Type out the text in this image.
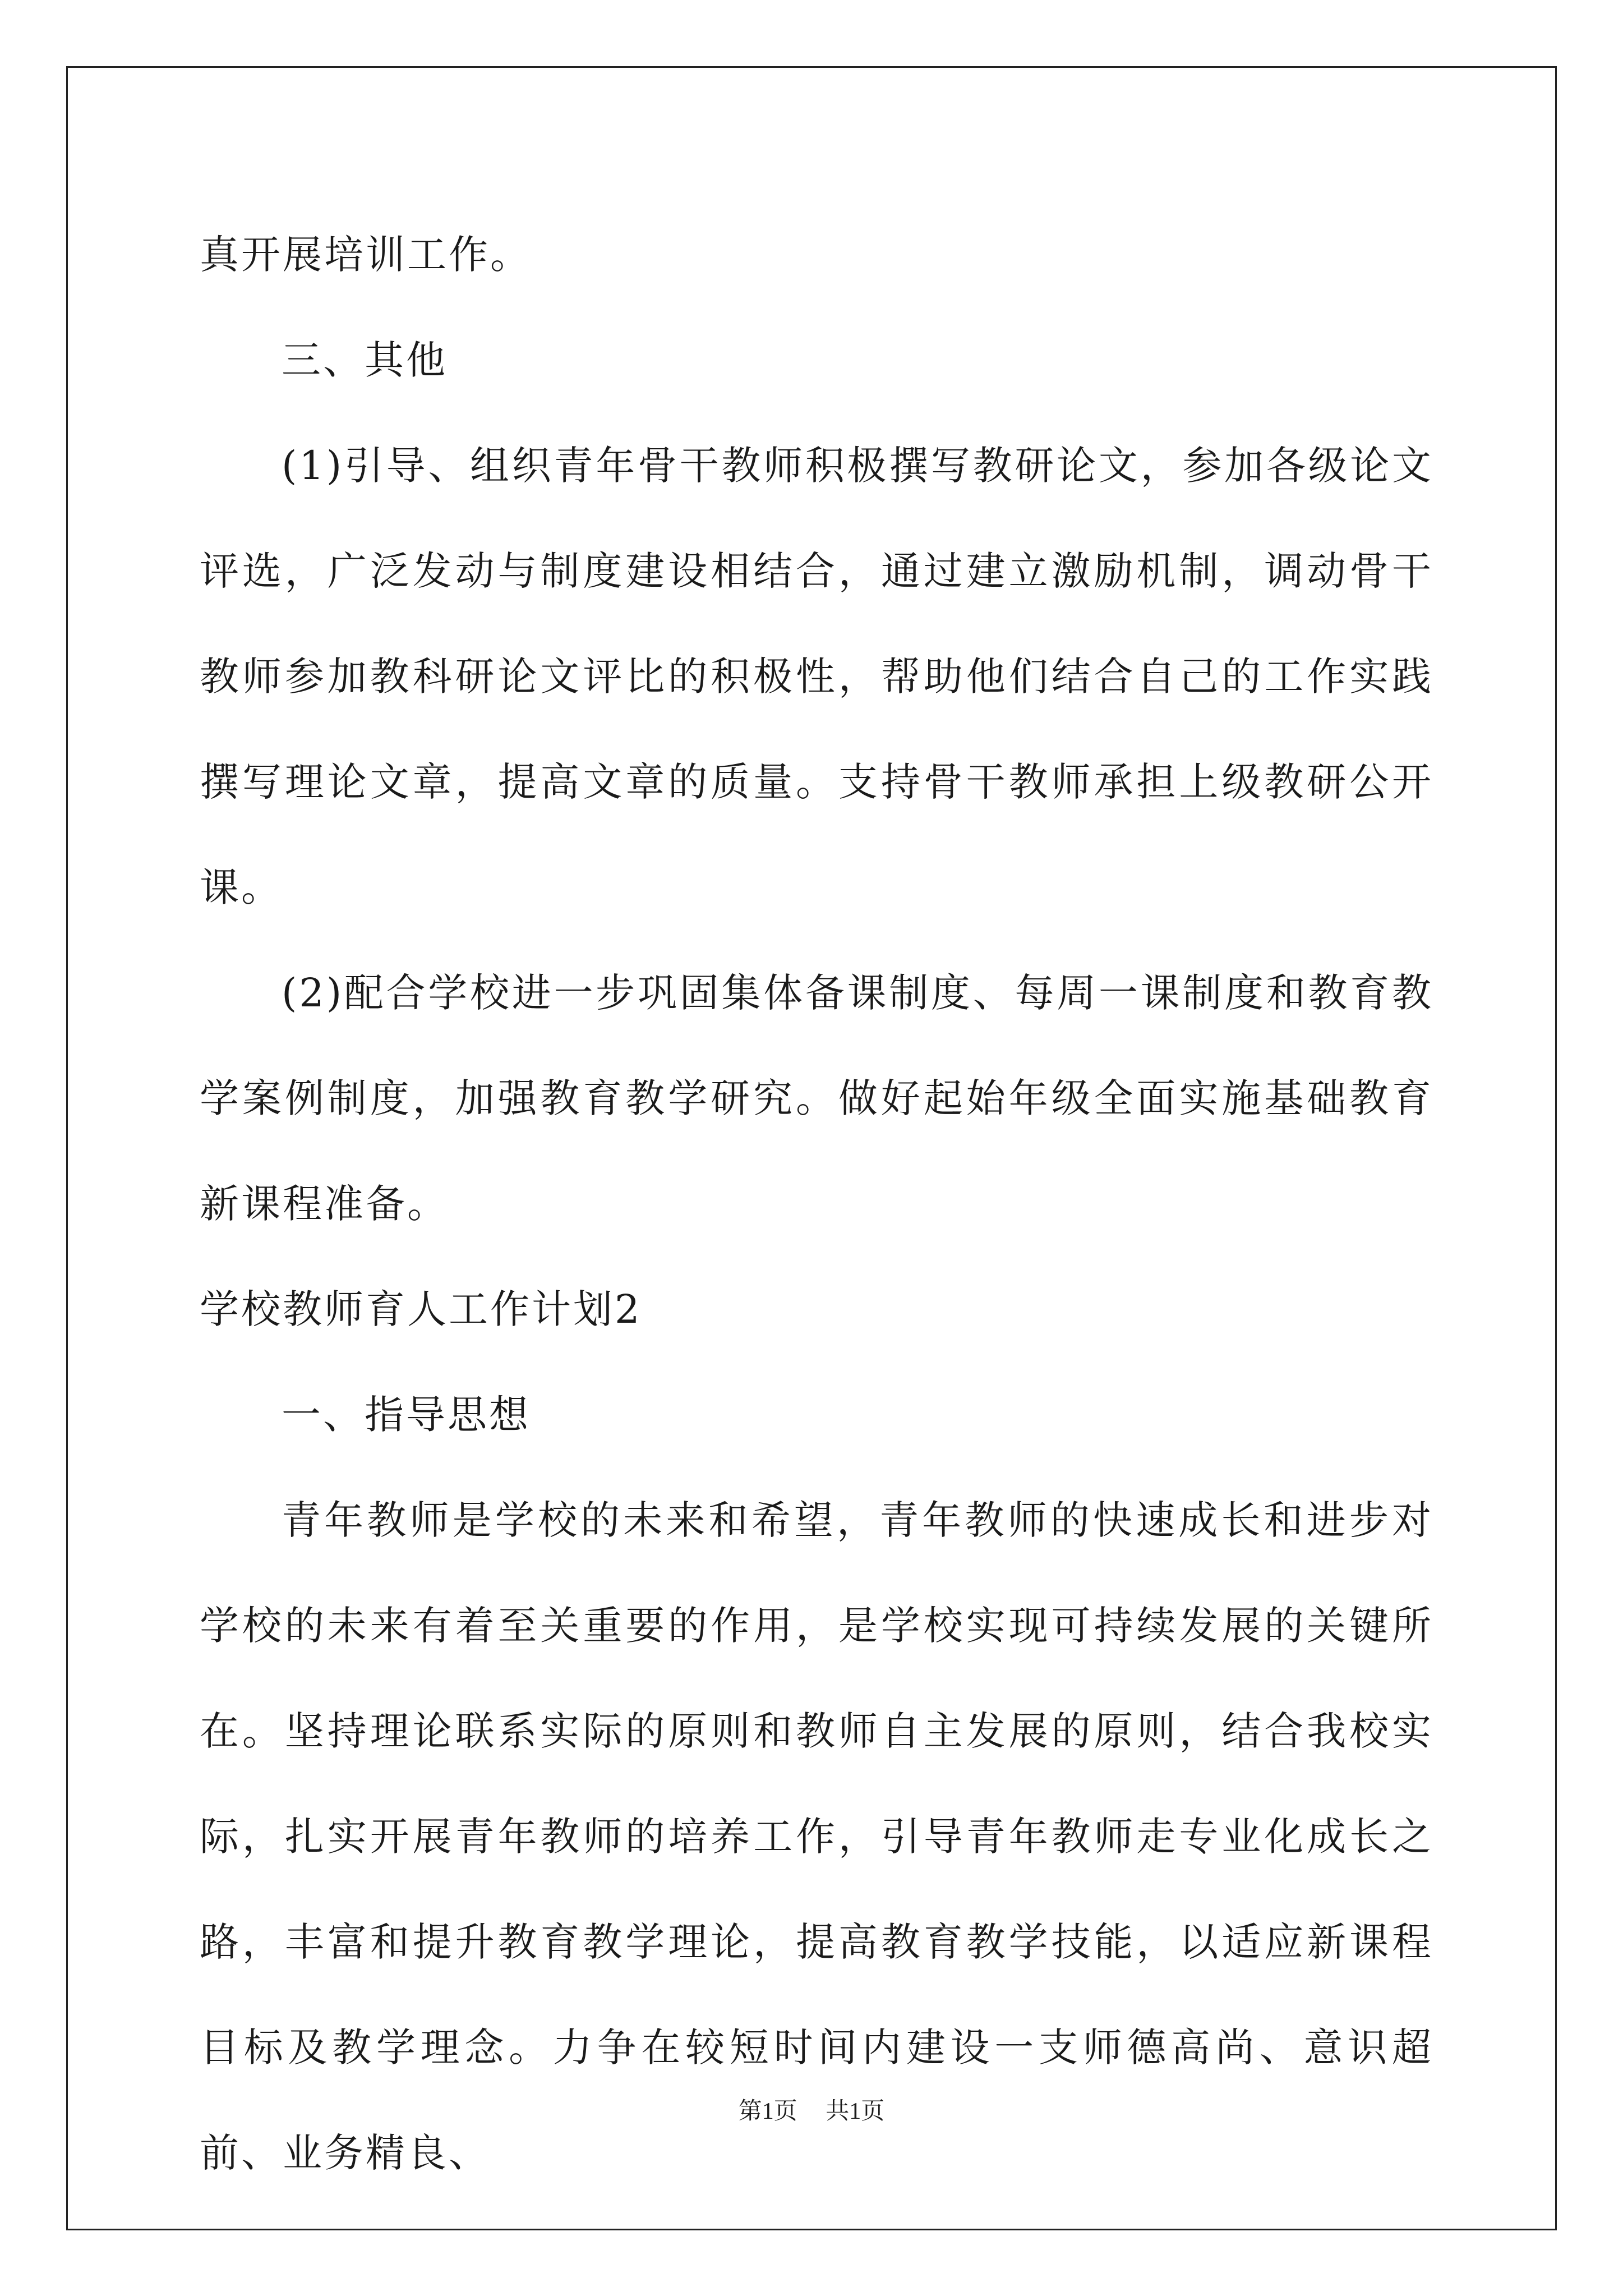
真开展培训工作。

三、其他

(1)引导、组织青年骨干教师积极撰写教研论文，参加各级论文评选，广泛发动与制度建设相结合，通过建立激励机制，调动骨干教师参加教科研论文评比的积极性，帮助他们结合自己的工作实践撰写理论文章，提高文章的质量。支持骨干教师承担上级教研公开课。

(2)配合学校进一步巩固集体备课制度、每周一课制度和教育教学案例制度，加强教育教学研究。做好起始年级全面实施基础教育新课程准备。

学校教师育人工作计划2

一、指导思想

青年教师是学校的未来和希望，青年教师的快速成长和进步对学校的未来有着至关重要的作用，是学校实现可持续发展的关键所在。坚持理论联系实际的原则和教师自主发展的原则，结合我校实际，扎实开展青年教师的培养工作，引导青年教师走专业化成长之路，丰富和提升教育教学理论，提高教育教学技能，以适应新课程目标及教学理念。力争在较短时间内建设一支师德高尚、意识超前、业务精良、

第1页 共1页
